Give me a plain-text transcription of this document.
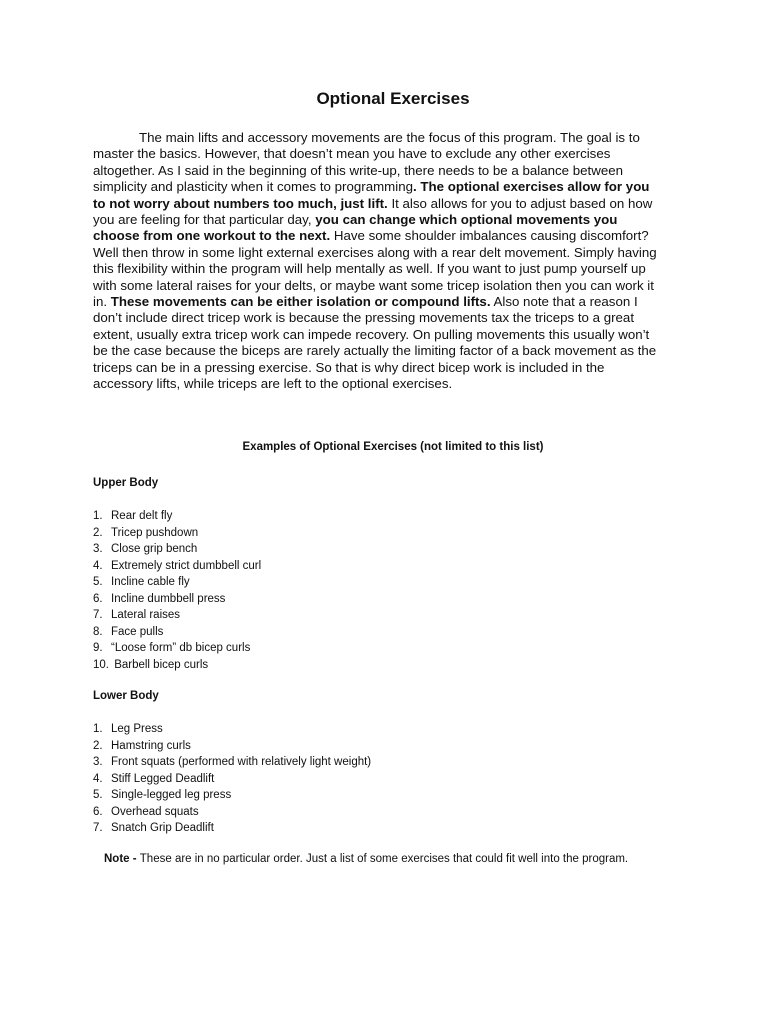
Optional Exercises

The main lifts and accessory movements are the focus of this program. The goal is to
master the basics. However, that doesn’t mean you have to exclude any other exercises
altogether. As I said in the beginning of this write-up, there needs to be a balance between
simplicity and plasticity when it comes to programming. The optional exercises allow for you
to not worry about numbers too much, just lift. It also allows for you to adjust based on how
you are feeling for that particular day, you can change which optional movements you
choose from one workout to the next. Have some shoulder imbalances causing discomfort?
Well then throw in some light external exercises along with a rear delt movement. Simply having
this flexibility within the program will help mentally as well. If you want to just pump yourself up
with some lateral raises for your delts, or maybe want some tricep isolation then you can work it
in. These movements can be either isolation or compound lifts. Also note that a reason I
don’t include direct tricep work is because the pressing movements tax the triceps to a great
extent, usually extra tricep work can impede recovery. On pulling movements this usually won’t
be the case because the biceps are rarely actually the limiting factor of a back movement as the
triceps can be in a pressing exercise. So that is why direct bicep work is included in the
accessory lifts, while triceps are left to the optional exercises.

Examples of Optional Exercises (not limited to this list)

Upper Body

1. Rear delt fly
2. Tricep pushdown
3. Close grip bench
4. Extremely strict dumbbell curl
5. Incline cable fly
6. Incline dumbbell press
7. Lateral raises
8. Face pulls
9. “Loose form” db bicep curls
10. Barbell bicep curls

Lower Body

1. Leg Press
2. Hamstring curls
3. Front squats (performed with relatively light weight)
4. Stiff Legged Deadlift
5. Single-legged leg press
6. Overhead squats
7. Snatch Grip Deadlift

Note - These are in no particular order. Just a list of some exercises that could fit well into the program.
